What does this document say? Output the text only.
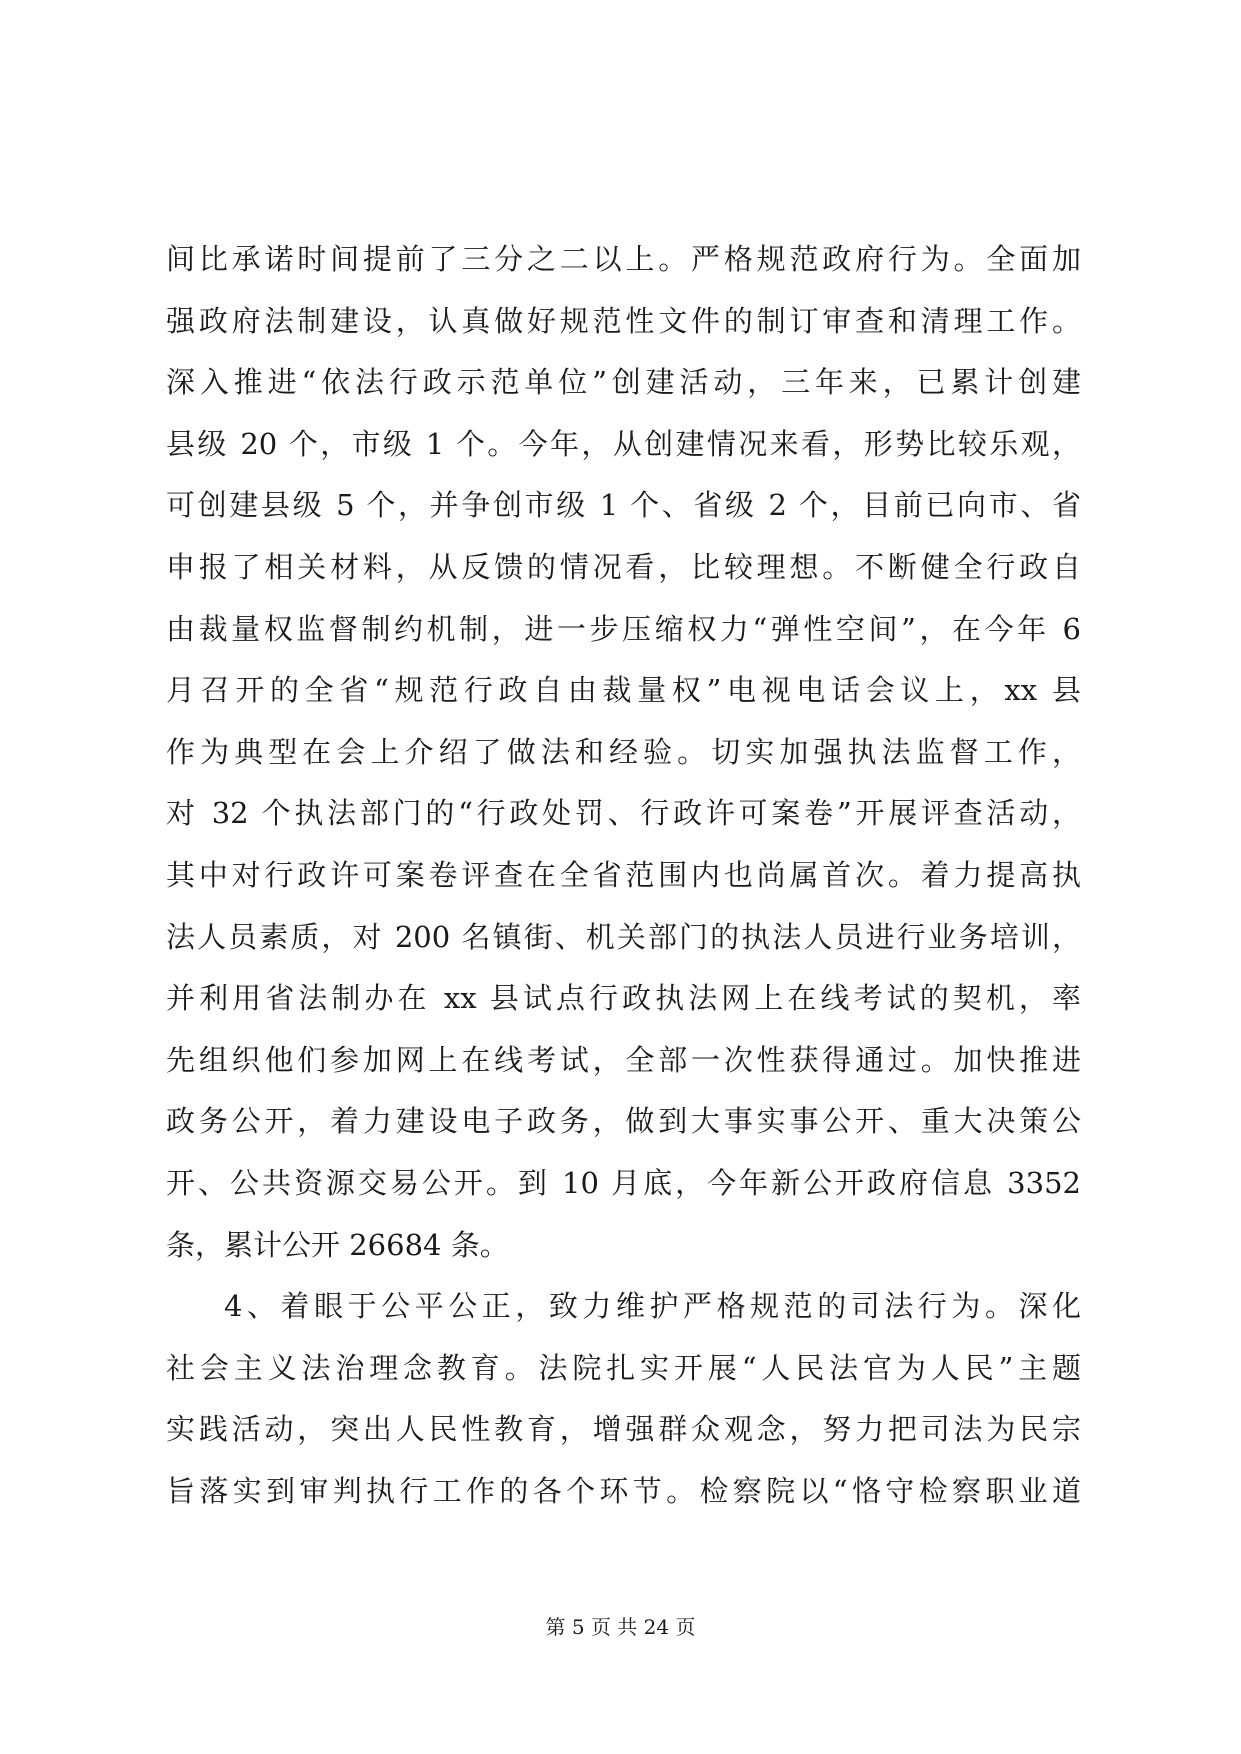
间比承诺时间提前了三分之二以上。严格规范政府行为。全面加
强政府法制建设，认真做好规范性文件的制订审查和清理工作。
深入推进“依法行政示范单位”创建活动，三年来，已累计创建
县级 20 个，市级 1 个。今年，从创建情况来看，形势比较乐观，
可创建县级 5 个，并争创市级 1 个、省级 2 个，目前已向市、省
申报了相关材料，从反馈的情况看，比较理想。不断健全行政自
由裁量权监督制约机制，进一步压缩权力“弹性空间”，在今年 6
月召开的全省“规范行政自由裁量权”电视电话会议上，xx 县
作为典型在会上介绍了做法和经验。切实加强执法监督工作，
对 32 个执法部门的“行政处罚、行政许可案卷”开展评查活动，
其中对行政许可案卷评查在全省范围内也尚属首次。着力提高执
法人员素质，对 200 名镇街、机关部门的执法人员进行业务培训，
并利用省法制办在 xx 县试点行政执法网上在线考试的契机，率
先组织他们参加网上在线考试，全部一次性获得通过。加快推进
政务公开，着力建设电子政务，做到大事实事公开、重大决策公
开、公共资源交易公开。到 10 月底，今年新公开政府信息 3352
条，累计公开 26684 条。
4、着眼于公平公正，致力维护严格规范的司法行为。深化
社会主义法治理念教育。法院扎实开展“人民法官为人民”主题
实践活动，突出人民性教育，增强群众观念，努力把司法为民宗
旨落实到审判执行工作的各个环节。检察院以“恪守检察职业道
第 5 页 共 24 页
